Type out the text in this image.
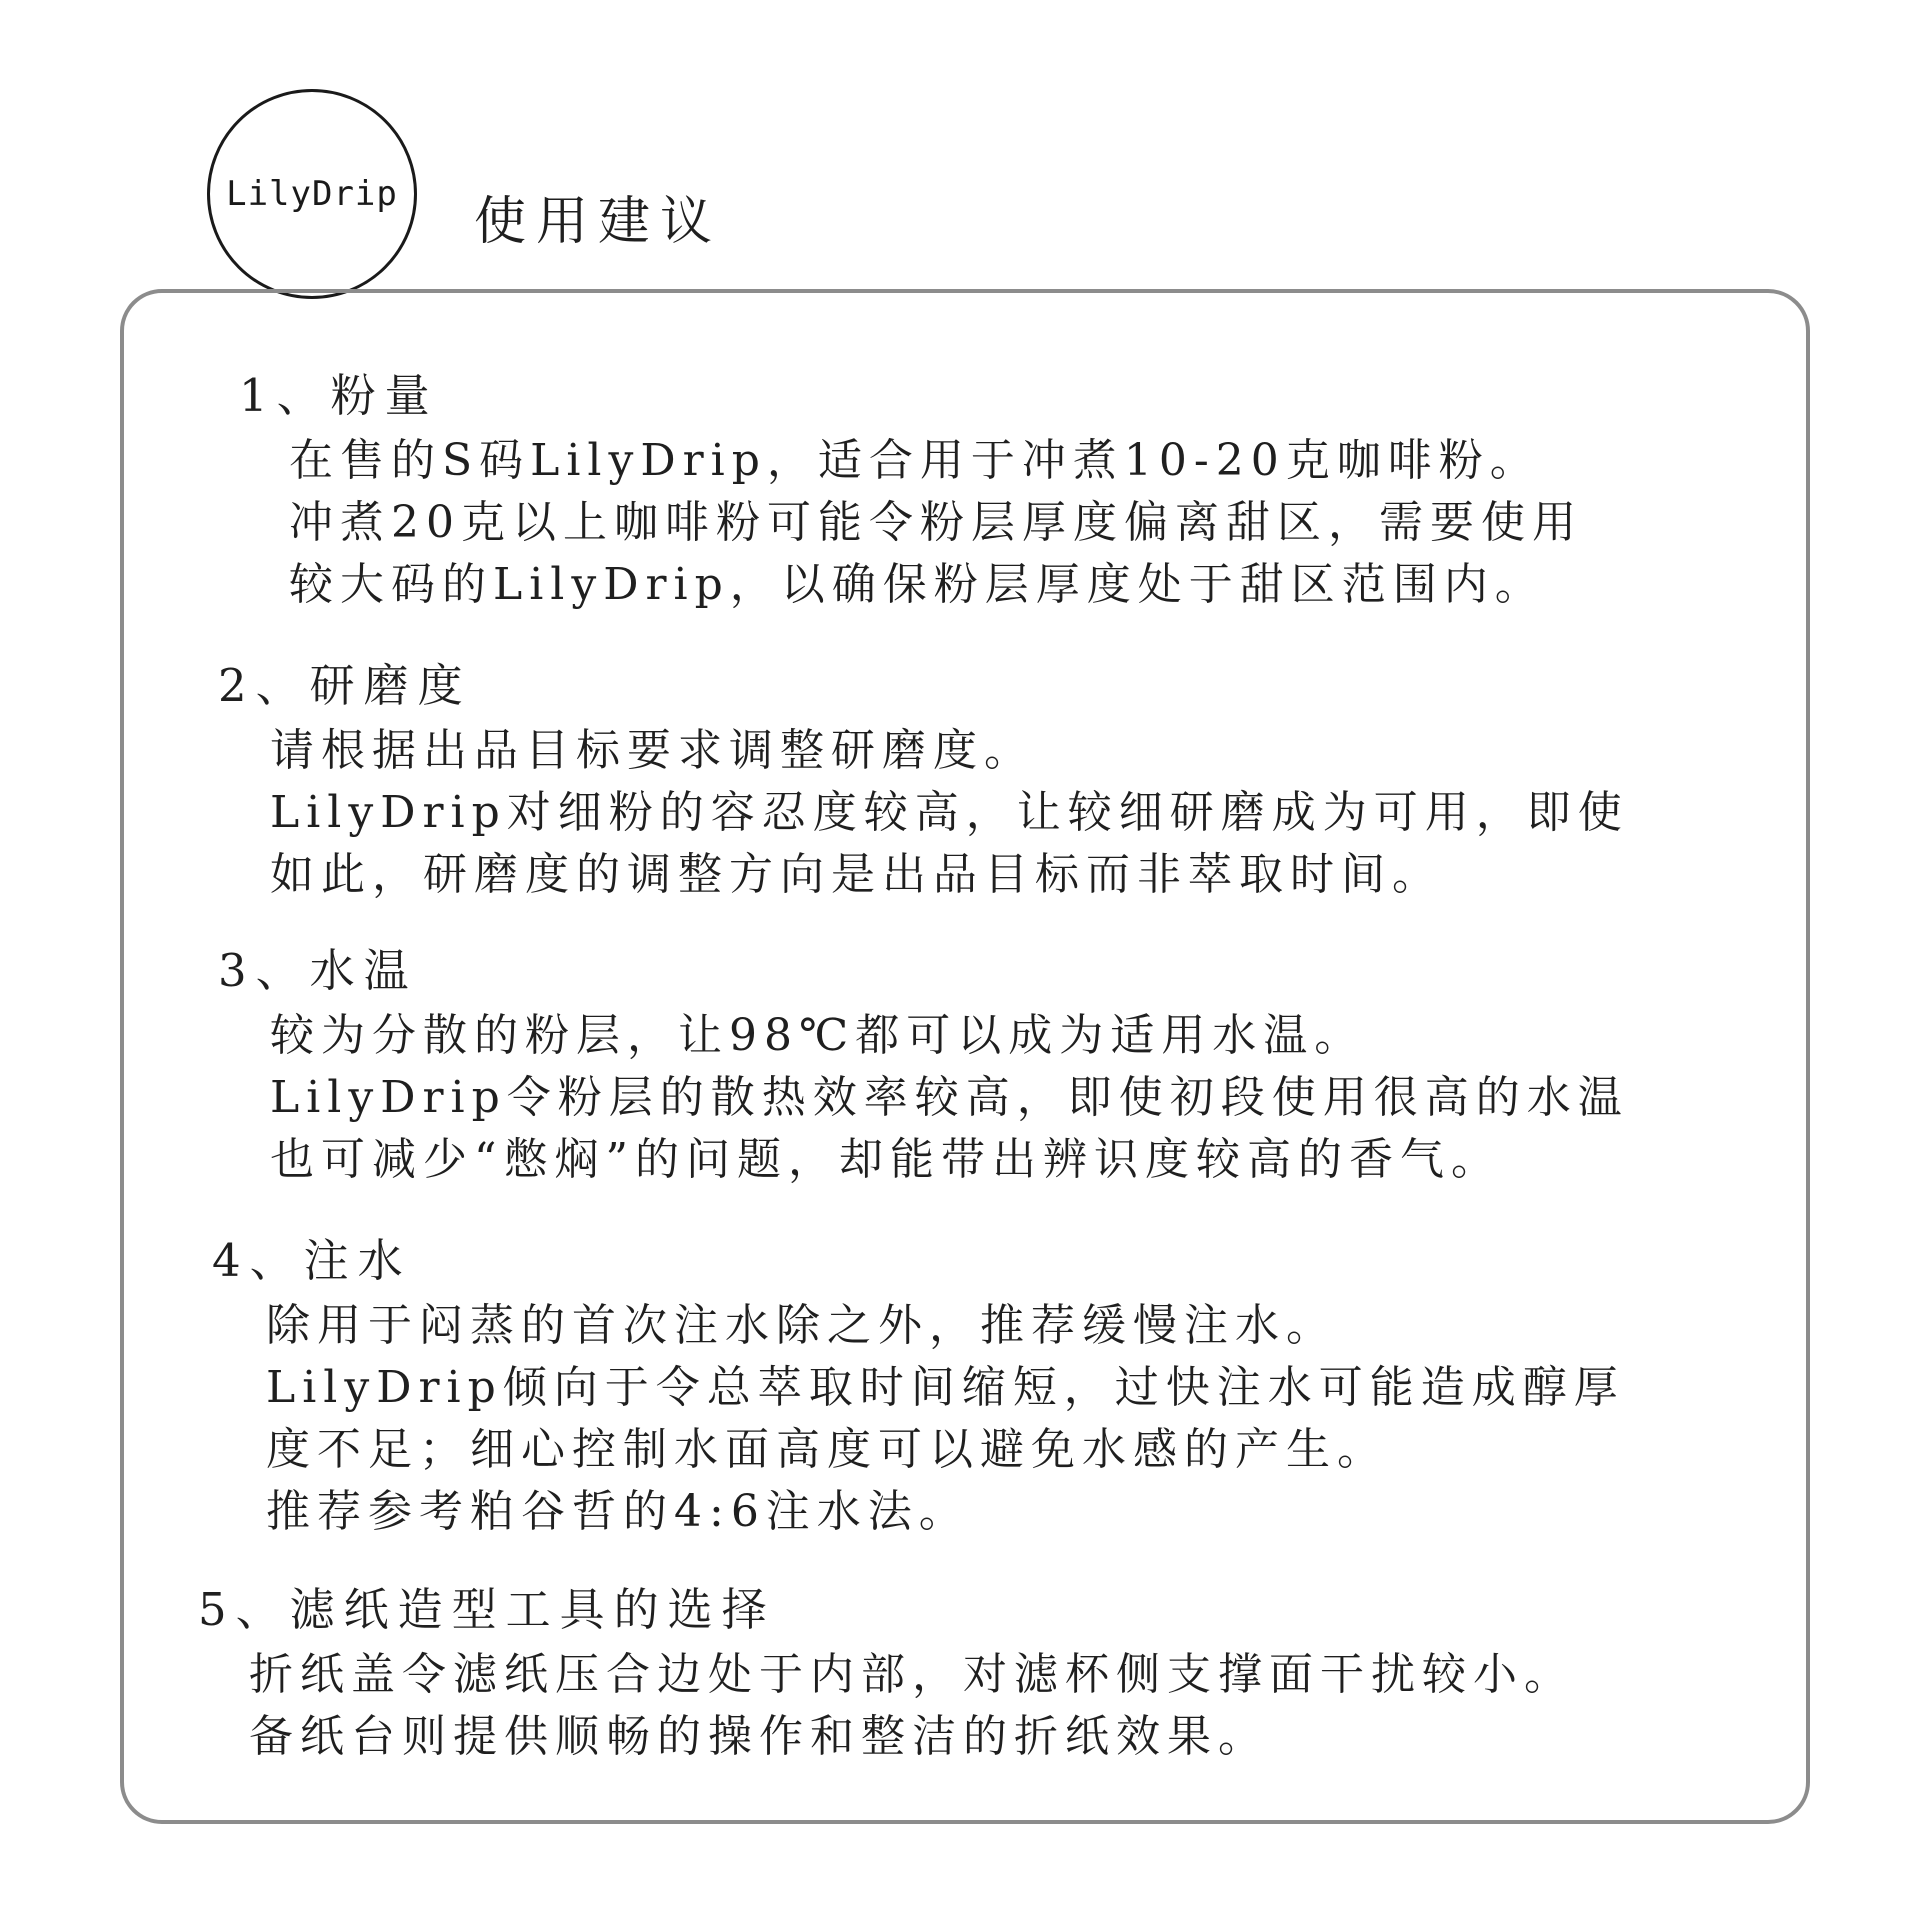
LilyDrip 使用建议
1、粉量
在售的S码LilyDrip，适合用于冲煮10-20克咖啡粉。
冲煮20克以上咖啡粉可能令粉层厚度偏离甜区，需要使用
较大码的LilyDrip，以确保粉层厚度处于甜区范围内。
2、研磨度
请根据出品目标要求调整研磨度。
LilyDrip对细粉的容忍度较高，让较细研磨成为可用，即使
如此，研磨度的调整方向是出品目标而非萃取时间。
3、水温
较为分散的粉层，让98℃都可以成为适用水温。
LilyDrip令粉层的散热效率较高，即使初段使用很高的水温
也可减少“憋焖”的问题，却能带出辨识度较高的香气。
4、注水
除用于闷蒸的首次注水除之外，推荐缓慢注水。
LilyDrip倾向于令总萃取时间缩短，过快注水可能造成醇厚
度不足；细心控制水面高度可以避免水感的产生。
推荐参考粕谷哲的4:6注水法。
5、滤纸造型工具的选择
折纸盖令滤纸压合边处于内部，对滤杯侧支撑面干扰较小。
备纸台则提供顺畅的操作和整洁的折纸效果。
